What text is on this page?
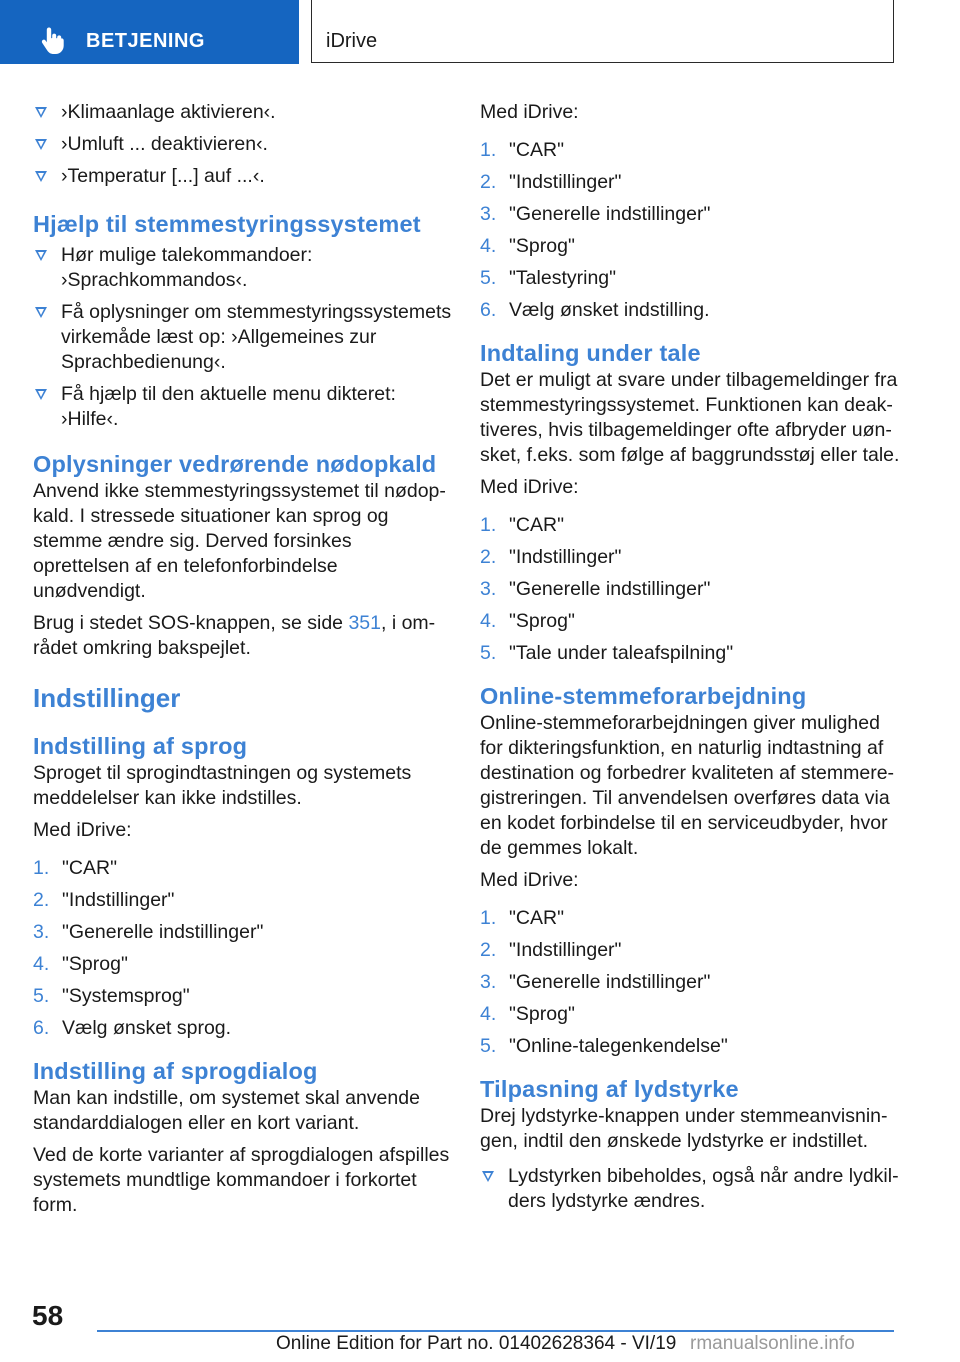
BETJENING	iDrive
›Klimaanlage aktivieren‹.
›Umluft ... deaktivieren‹.
›Temperatur [...] auf ...‹.
Hjælp til stemmestyringssystemet
Hør mulige talekommandoer: ›Sprachkommandos‹.
Få oplysninger om stemmestyringssystemets virkemåde læst op: ›Allgemeines zur Sprachbedienung‹.
Få hjælp til den aktuelle menu dikteret: ›Hilfe‹.
Oplysninger vedrørende nødopkald

Anvend ikke stemmestyringssystemet til nødop-kald. I stressede situationer kan sprog og stemme ændre sig. Derved forsinkes oprettelsen af en telefonforbindelse unødvendigt.

Brug i stedet SOS-knappen, se side 351, i om-rådet omkring bakspejlet.

Indstillinger
Indstilling af sprog

Sproget til sprogindtastningen og systemets meddelelser kan ikke indstilles.

Med iDrive:

1. "CAR"
2. "Indstillinger"
3. "Generelle indstillinger"
4. "Sprog"
5. "Systemsprog"
6. Vælg ønsket sprog.
Indstilling af sprogdialog

Man kan indstille, om systemet skal anvende standarddialogen eller en kort variant.

Ved de korte varianter af sprogdialogen afspilles systemets mundtlige kommandoer i forkortet form.

Med iDrive:

1. "CAR"
2. "Indstillinger"
3. "Generelle indstillinger"
4. "Sprog"
5. "Talestyring"
6. Vælg ønsket indstilling.
Indtaling under tale

Det er muligt at svare under tilbagemeldinger fra stemmestyringssystemet. Funktionen kan deak-tiveres, hvis tilbagemeldinger ofte afbryder uøn-sket, f.eks. som følge af baggrundsstøj eller tale.

Med iDrive:

1. "CAR"
2. "Indstillinger"
3. "Generelle indstillinger"
4. "Sprog"
5. "Tale under taleafspilning"
Online-stemmeforarbejdning

Online-stemmeforarbejdningen giver mulighed for dikteringsfunktion, en naturlig indtastning af destination og forbedrer kvaliteten af stemmere-gistreringen. Til anvendelsen overføres data via en kodet forbindelse til en serviceudbyder, hvor de gemmes lokalt.

Med iDrive:

1. "CAR"
2. "Indstillinger"
3. "Generelle indstillinger"
4. "Sprog"
5. "Online-talegenkendelse"
Tilpasning af lydstyrke

Drej lydstyrke-knappen under stemmeanvisnin-gen, indtil den ønskede lydstyrke er indstillet.

Lydstyrken bibeholdes, også når andre lydkil-ders lydstyrke ændres.
58
Online Edition for Part no. 01402628364 - VI/19 rmanualsonline.info
